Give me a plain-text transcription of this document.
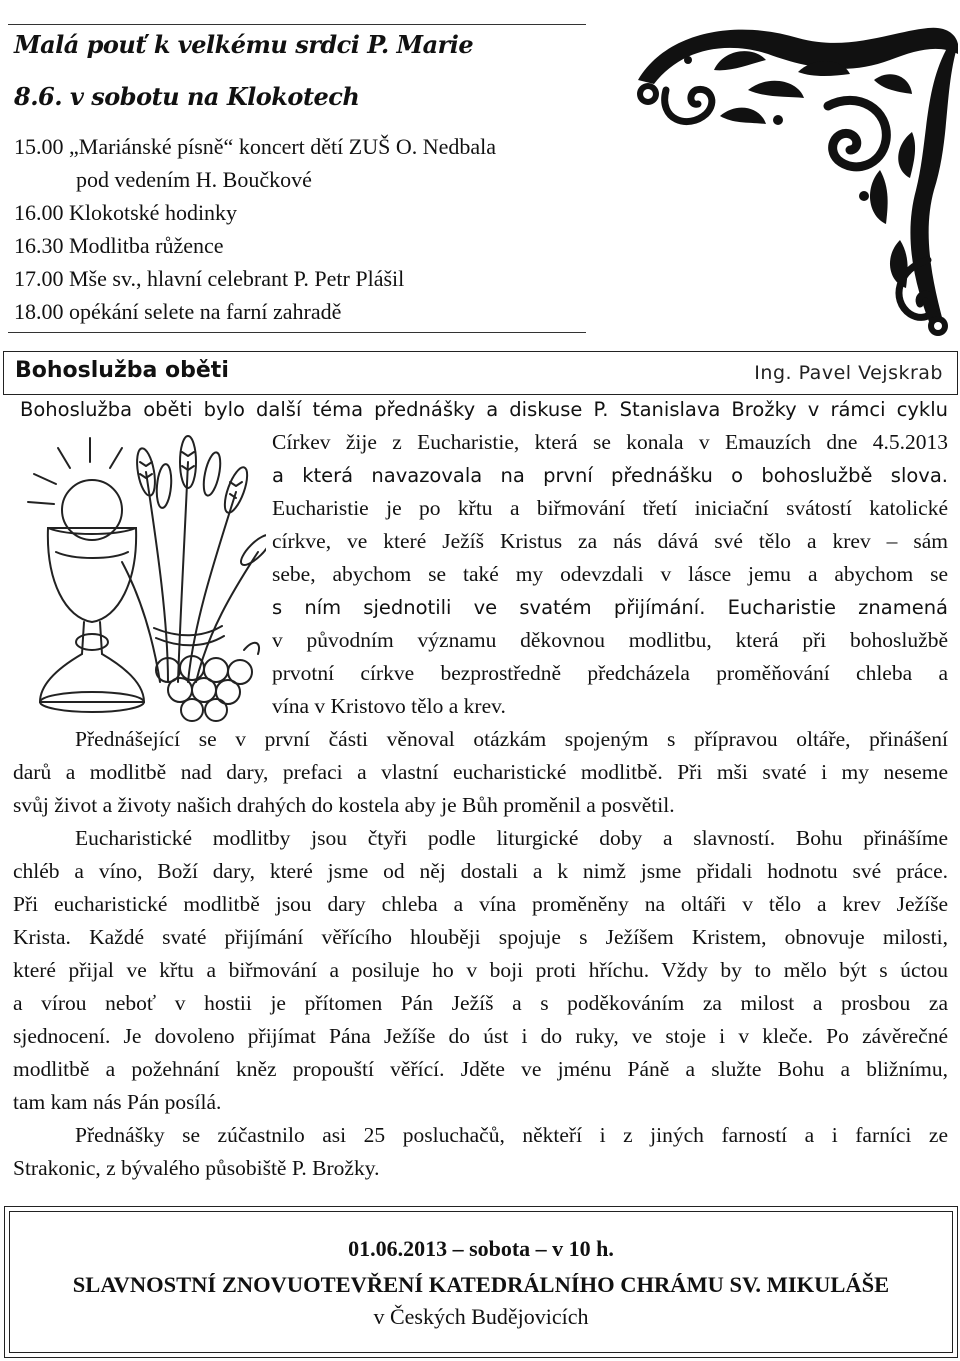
Malá pouť k velkému srdci P. Marie
8.6. v sobotu na Klokotech
15.00 „Mariánské písně“ koncert dětí ZUŠ O. Nedbala
pod vedením H. Boučkové
16.00 Klokotské hodinky
16.30 Modlitba růžence
17.00 Mše sv., hlavní celebrant P. Petr Plášil
18.00 opékání selete na farní zahradě
Bohoslužba oběti	Ing. Pavel Vejskrab
Bohoslužba oběti bylo další téma přednášky a diskuse P. Stanislava Brožky v rámci cyklu
Církev žije z Eucharistie, která se konala v Emauzích dne 4.5.2013
a která navazovala na první přednášku o bohoslužbě slova.
Eucharistie je po křtu a biřmování třetí iniciační svátostí katolické
církve, ve které Ježíš Kristus za nás dává své tělo a krev – sám
sebe, abychom se také my odevzdali v lásce jemu a abychom se
s ním sjednotili ve svatém přijímání. Eucharistie znamená
v původním významu děkovnou modlitbu, která při bohoslužbě
prvotní církve bezprostředně předcházela proměňování chleba a
vína v Kristovo tělo a krev.
Přednášející se v první části věnoval otázkám spojeným s přípravou oltáře, přinášení
darů a modlitbě nad dary, prefaci a vlastní eucharistické modlitbě. Při mši svaté i my neseme
svůj život a životy našich drahých do kostela aby je Bůh proměnil a posvětil.
Eucharistické modlitby jsou čtyři podle liturgické doby a slavností. Bohu přinášíme
chléb a víno, Boží dary, které jsme od něj dostali a k nimž jsme přidali hodnotu své práce.
Při eucharistické modlitbě jsou dary chleba a vína proměněny na oltáři v tělo a krev Ježíše
Krista. Každé svaté přijímání věřícího hlouběji spojuje s Ježíšem Kristem, obnovuje milosti,
které přijal ve křtu a biřmování a posiluje ho v boji proti hříchu. Vždy by to mělo být s úctou
a vírou neboť v hostii je přítomen Pán Ježíš a s poděkováním za milost a prosbou za
sjednocení. Je dovoleno přijímat Pána Ježíše do úst i do ruky, ve stoje i v kleče. Po závěrečné
modlitbě a požehnání kněz propouští věřící. Jděte ve jménu Páně a služte Bohu a bližnímu,
tam kam nás Pán posílá.
Přednášky se zúčastnilo asi 25 posluchačů, někteří i z jiných farností a i farníci ze
Strakonic, z bývalého působiště P. Brožky.
01.06.2013 – sobota – v 10 h.
SLAVNOSTNÍ ZNOVUOTEVŘENÍ KATEDRÁLNÍHO CHRÁMU SV. MIKULÁŠE
v Českých Budějovicích
